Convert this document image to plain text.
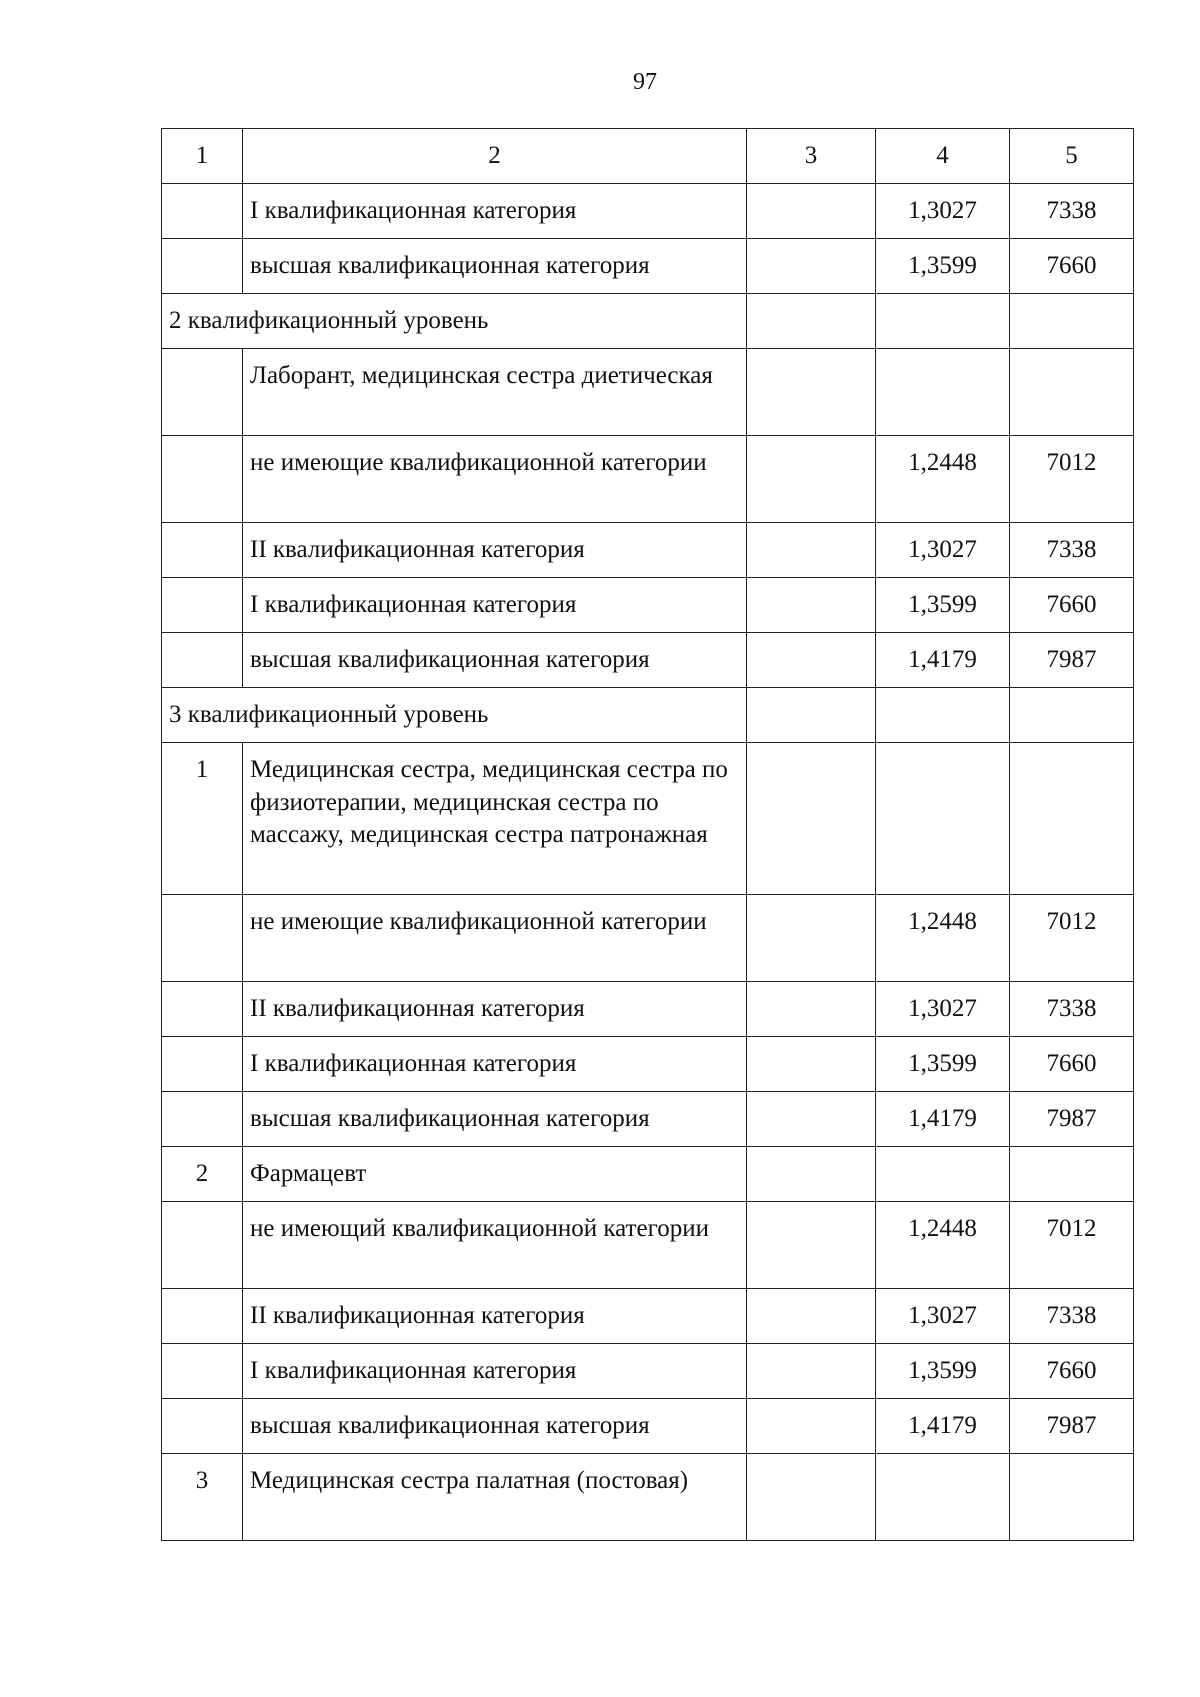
97
1	2	3	4	5
	I квалификационная категория		1,3027	7338
	высшая квалификационная категория		1,3599	7660
2 квалификационный уровень				
	Лаборант, медицинская сестра диетическая			
	не имеющие квалификационной категории		1,2448	7012
	II квалификационная категория		1,3027	7338
	I квалификационная категория		1,3599	7660
	высшая квалификационная категория		1,4179	7987
3 квалификационный уровень				
1	Медицинская сестра, медицинская сестра по физиотерапии, медицинская сестра по массажу, медицинская сестра патронажная			
	не имеющие квалификационной категории		1,2448	7012
	II квалификационная категория		1,3027	7338
	I квалификационная категория		1,3599	7660
	высшая квалификационная категория		1,4179	7987
2	Фармацевт			
	не имеющий квалификационной категории		1,2448	7012
	II квалификационная категория		1,3027	7338
	I квалификационная категория		1,3599	7660
	высшая квалификационная категория		1,4179	7987
3	Медицинская сестра палатная (постовая)			
